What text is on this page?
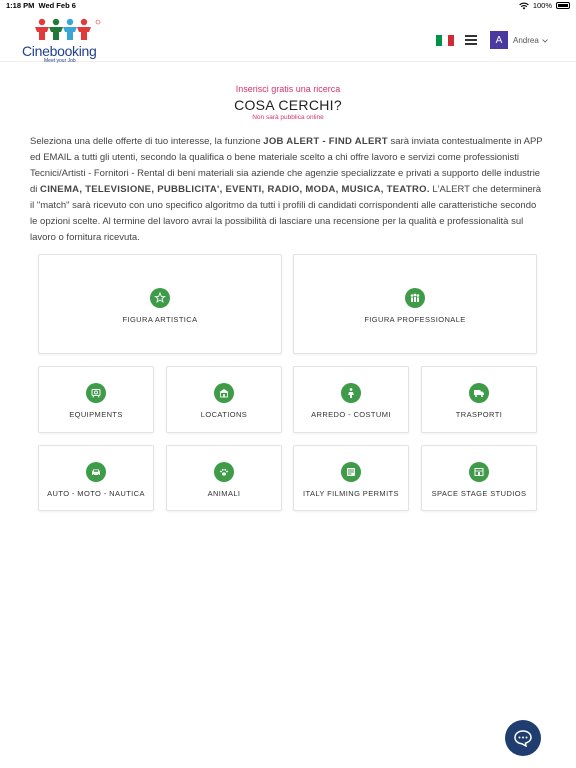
1:18 PM Wed Feb 6	100%
Cinebooking
Meet your Job
A	Andrea
Inserisci gratis una ricerca
COSA CERCHI?
Non sarà pubblica online
Seleziona una delle offerte di tuo interesse, la funzione JOB ALERT - FIND ALERT sarà inviata contestualmente in APP ed EMAIL a tutti gli utenti, secondo la qualifica o bene materiale scelto a chi offre lavoro e servizi come professionisti Tecnici/Artisti - Fornitori - Rental di beni materiali sia aziende che agenzie specializzate e privati a supporto delle industrie di CINEMA, TELEVISIONE, PUBBLICITA', EVENTI, RADIO, MODA, MUSICA, TEATRO. L'ALERT che determinerà il "match" sarà ricevuto con uno specifico algoritmo da tutti i profili di candidati corrispondenti alle caratteristiche secondo le opzioni scelte. Al termine del lavoro avrai la possibilità di lasciare una recensione per la qualità e professionalità sul lavoro o fornitura ricevuta.
FIGURA ARTISTICA	FIGURA PROFESSIONALE
EQUIPMENTS	LOCATIONS	ARREDO - COSTUMI	TRASPORTI
AUTO - MOTO - NAUTICA	ANIMALI	ITALY FILMING PERMITS	SPACE STAGE STUDIOS
